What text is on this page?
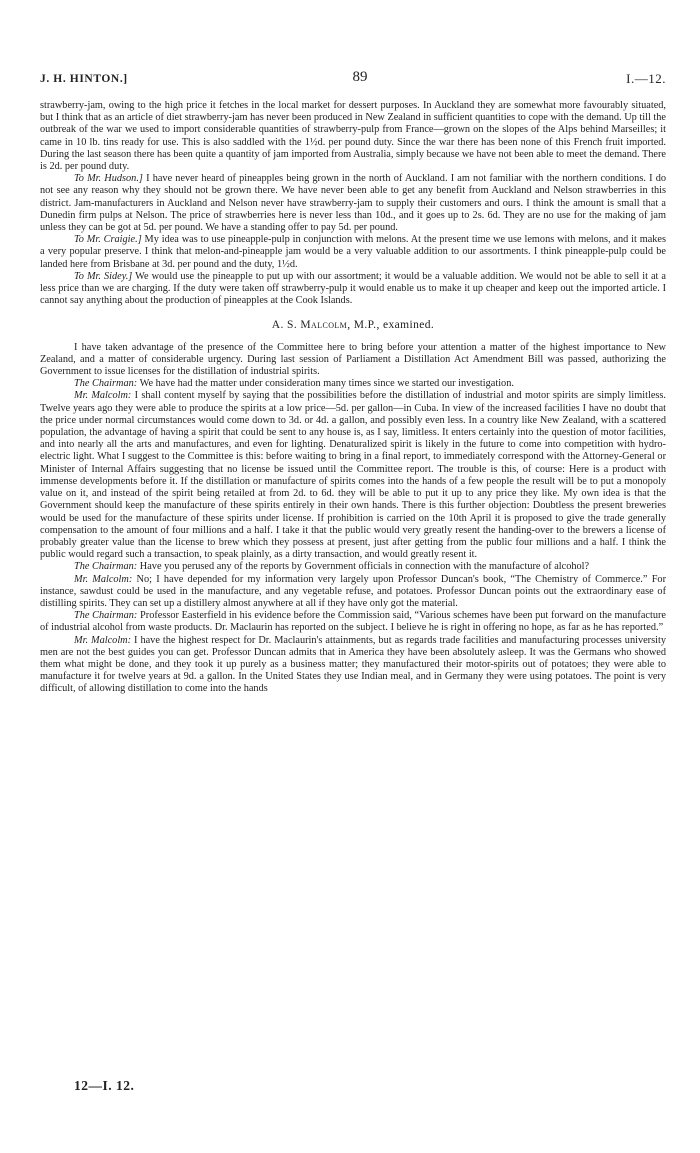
J. H. HINTON.]	89	I.—12.

strawberry-jam, owing to the high price it fetches in the local market for dessert purposes. In Auckland they are somewhat more favourably situated, but I think that as an article of diet strawberry-jam has never been produced in New Zealand in sufficient quantities to cope with the demand. Up till the outbreak of the war we used to import considerable quantities of strawberry-pulp from France—grown on the slopes of the Alps behind Marseilles; it came in 10 lb. tins ready for use. This is also saddled with the 1½d. per pound duty. Since the war there has been none of this French fruit imported. During the last season there has been quite a quantity of jam imported from Australia, simply because we have not been able to meet the demand. There is 2d. per pound duty.

To Mr. Hudson.] I have never heard of pineapples being grown in the north of Auckland. I am not familiar with the northern conditions. I do not see any reason why they should not be grown there. We have never been able to get any benefit from Auckland and Nelson strawberries in this district. Jam-manufacturers in Auckland and Nelson never have strawberry-jam to supply their customers and ours. I think the amount is small that a Dunedin firm pulps at Nelson. The price of strawberries here is never less than 10d., and it goes up to 2s. 6d. They are no use for the making of jam unless they can be got at 5d. per pound. We have a standing offer to pay 5d. per pound.

To Mr. Craigie.] My idea was to use pineapple-pulp in conjunction with melons. At the present time we use lemons with melons, and it makes a very popular preserve. I think that melon-and-pineapple jam would be a very valuable addition to our assortments. I think pineapple-pulp could be landed here from Brisbane at 3d. per pound and the duty, 1½d.

To Mr. Sidey.] We would use the pineapple to put up with our assortment; it would be a valuable addition. We would not be able to sell it at a less price than we are charging. If the duty were taken off strawberry-pulp it would enable us to make it up cheaper and keep out the imported article. I cannot say anything about the production of pineapples at the Cook Islands.

A. S. Malcolm, M.P., examined.

I have taken advantage of the presence of the Committee here to bring before your attention a matter of the highest importance to New Zealand, and a matter of considerable urgency. During last session of Parliament a Distillation Act Amendment Bill was passed, authorizing the Government to issue licenses for the distillation of industrial spirits.

The Chairman: We have had the matter under consideration many times since we started our investigation.

Mr. Malcolm: I shall content myself by saying that the possibilities before the distillation of industrial and motor spirits are simply limitless. Twelve years ago they were able to produce the spirits at a low price—5d. per gallon—in Cuba. In view of the increased facilities I have no doubt that the price under normal circumstances would come down to 3d. or 4d. a gallon, and possibly even less. In a country like New Zealand, with a scattered population, the advantage of having a spirit that could be sent to any house is, as I say, limitless. It enters certainly into the question of motor facilities, and into nearly all the arts and manufactures, and even for lighting. Denaturalized spirit is likely in the future to come into competition with hydro-electric light. What I suggest to the Committee is this: before waiting to bring in a final report, to immediately correspond with the Attorney-General or Minister of Internal Affairs suggesting that no license be issued until the Committee report. The trouble is this, of course: Here is a product with immense developments before it. If the distillation or manufacture of spirits comes into the hands of a few people the result will be to put a monopoly value on it, and instead of the spirit being retailed at from 2d. to 6d. they will be able to put it up to any price they like. My own idea is that the Government should keep the manufacture of these spirits entirely in their own hands. There is this further objection: Doubtless the present breweries would be used for the manufacture of these spirits under license. If prohibition is carried on the 10th April it is proposed to give the trade generally compensation to the amount of four millions and a half. I take it that the public would very greatly resent the handing-over to the brewers a license of probably greater value than the license to brew which they possess at present, just after getting from the public four millions and a half. I think the public would regard such a transaction, to speak plainly, as a dirty transaction, and would greatly resent it.

The Chairman: Have you perused any of the reports by Government officials in connection with the manufacture of alcohol?

Mr. Malcolm: No; I have depended for my information very largely upon Professor Duncan's book, “The Chemistry of Commerce.” For instance, sawdust could be used in the manufacture, and any vegetable refuse, and potatoes. Professor Duncan points out the extraordinary ease of distilling spirits. They can set up a distillery almost anywhere at all if they have only got the material.

The Chairman: Professor Easterfield in his evidence before the Commission said, “Various schemes have been put forward on the manufacture of industrial alcohol from waste products. Dr. Maclaurin has reported on the subject. I believe he is right in offering no hope, as far as he has reported.”

Mr. Malcolm: I have the highest respect for Dr. Maclaurin's attainments, but as regards trade facilities and manufacturing processes university men are not the best guides you can get. Professor Duncan admits that in America they have been absolutely asleep. It was the Germans who showed them what might be done, and they took it up purely as a business matter; they manufactured their motor-spirits out of potatoes; they were able to manufacture it for twelve years at 9d. a gallon. In the United States they use Indian meal, and in Germany they were using potatoes. The point is very difficult, of allowing distillation to come into the hands

12—I. 12.
